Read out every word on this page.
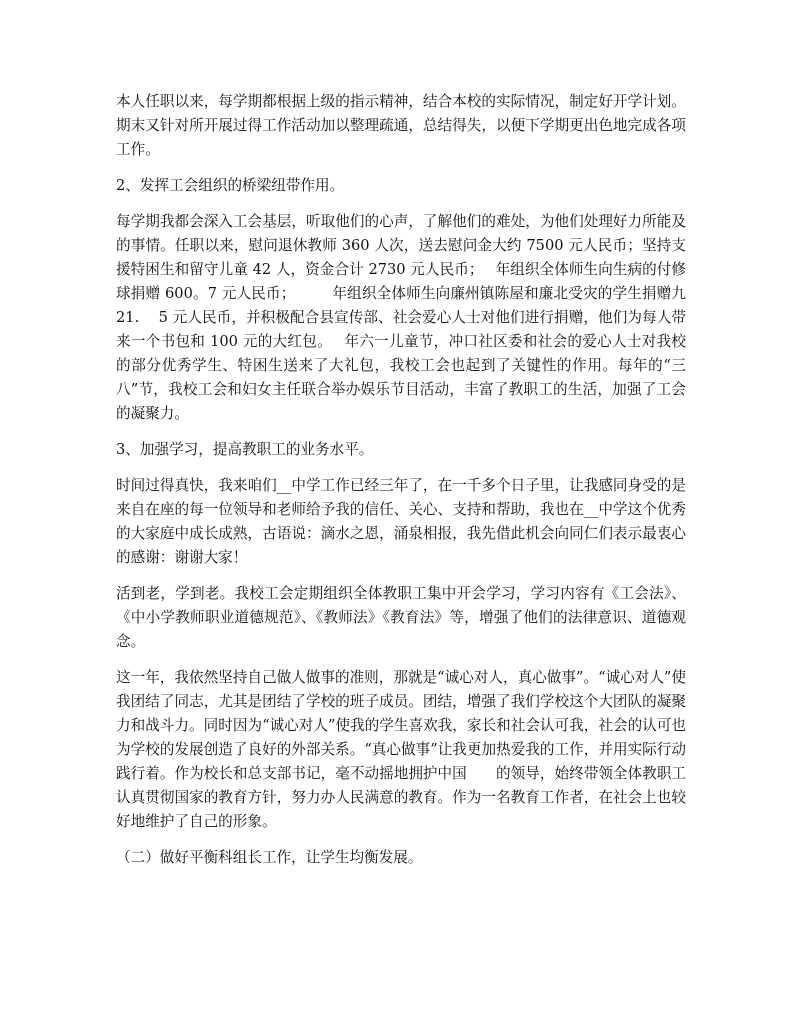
本人任职以来，每学期都根据上级的指示精神，结合本校的实际情况，制定好开学计划。期末又针对所开展过得工作活动加以整理疏通，总结得失，以便下学期更出色地完成各项工作。

2、发挥工会组织的桥梁纽带作用。

每学期我都会深入工会基层，听取他们的心声，了解他们的难处，为他们处理好力所能及的事情。任职以来，慰问退休教师 360 人次，送去慰问金大约 7500 元人民币；坚持支援特困生和留守儿童 42 人，资金合计 2730 元人民币；　 年组织全体师生向生病的付修球捐赠 600。7 元人民币；　　　年组织全体师生向廉州镇陈屋和廉北受灾的学生捐赠九 21.　 5 元人民币，并积极配合县宣传部、社会爱心人士对他们进行捐赠，他们为每人带来一个书包和 100 元的大红包。　 年六一儿童节，冲口社区委和社会的爱心人士对我校的部分优秀学生、特困生送来了大礼包，我校工会也起到了关键性的作用。每年的“三八”节，我校工会和妇女主任联合举办娱乐节目活动，丰富了教职工的生活，加强了工会的凝聚力。

3、加强学习，提高教职工的业务水平。

时间过得真快，我来咱们__中学工作已经三年了，在一千多个日子里，让我感同身受的是来自在座的每一位领导和老师给予我的信任、关心、支持和帮助，我也在__中学这个优秀的大家庭中成长成熟，古语说：滴水之恩，涌泉相报，我先借此机会向同仁们表示最衷心的感谢：谢谢大家！

活到老，学到老。我校工会定期组织全体教职工集中开会学习，学习内容有《工会法》、《中小学教师职业道德规范》、《教师法》《教育法》等，增强了他们的法律意识、道德观念。

这一年，我依然坚持自己做人做事的准则，那就是“诚心对人，真心做事”。“诚心对人”使我团结了同志，尤其是团结了学校的班子成员。团结，增强了我们学校这个大团队的凝聚力和战斗力。同时因为“诚心对人”使我的学生喜欢我，家长和社会认可我，社会的认可也为学校的发展创造了良好的外部关系。“真心做事”让我更加热爱我的工作，并用实际行动践行着。作为校长和总支部书记，毫不动摇地拥护中国　　的领导，始终带领全体教职工认真贯彻国家的教育方针，努力办人民满意的教育。作为一名教育工作者，在社会上也较好地维护了自己的形象。

（二）做好平衡科组长工作，让学生均衡发展。
